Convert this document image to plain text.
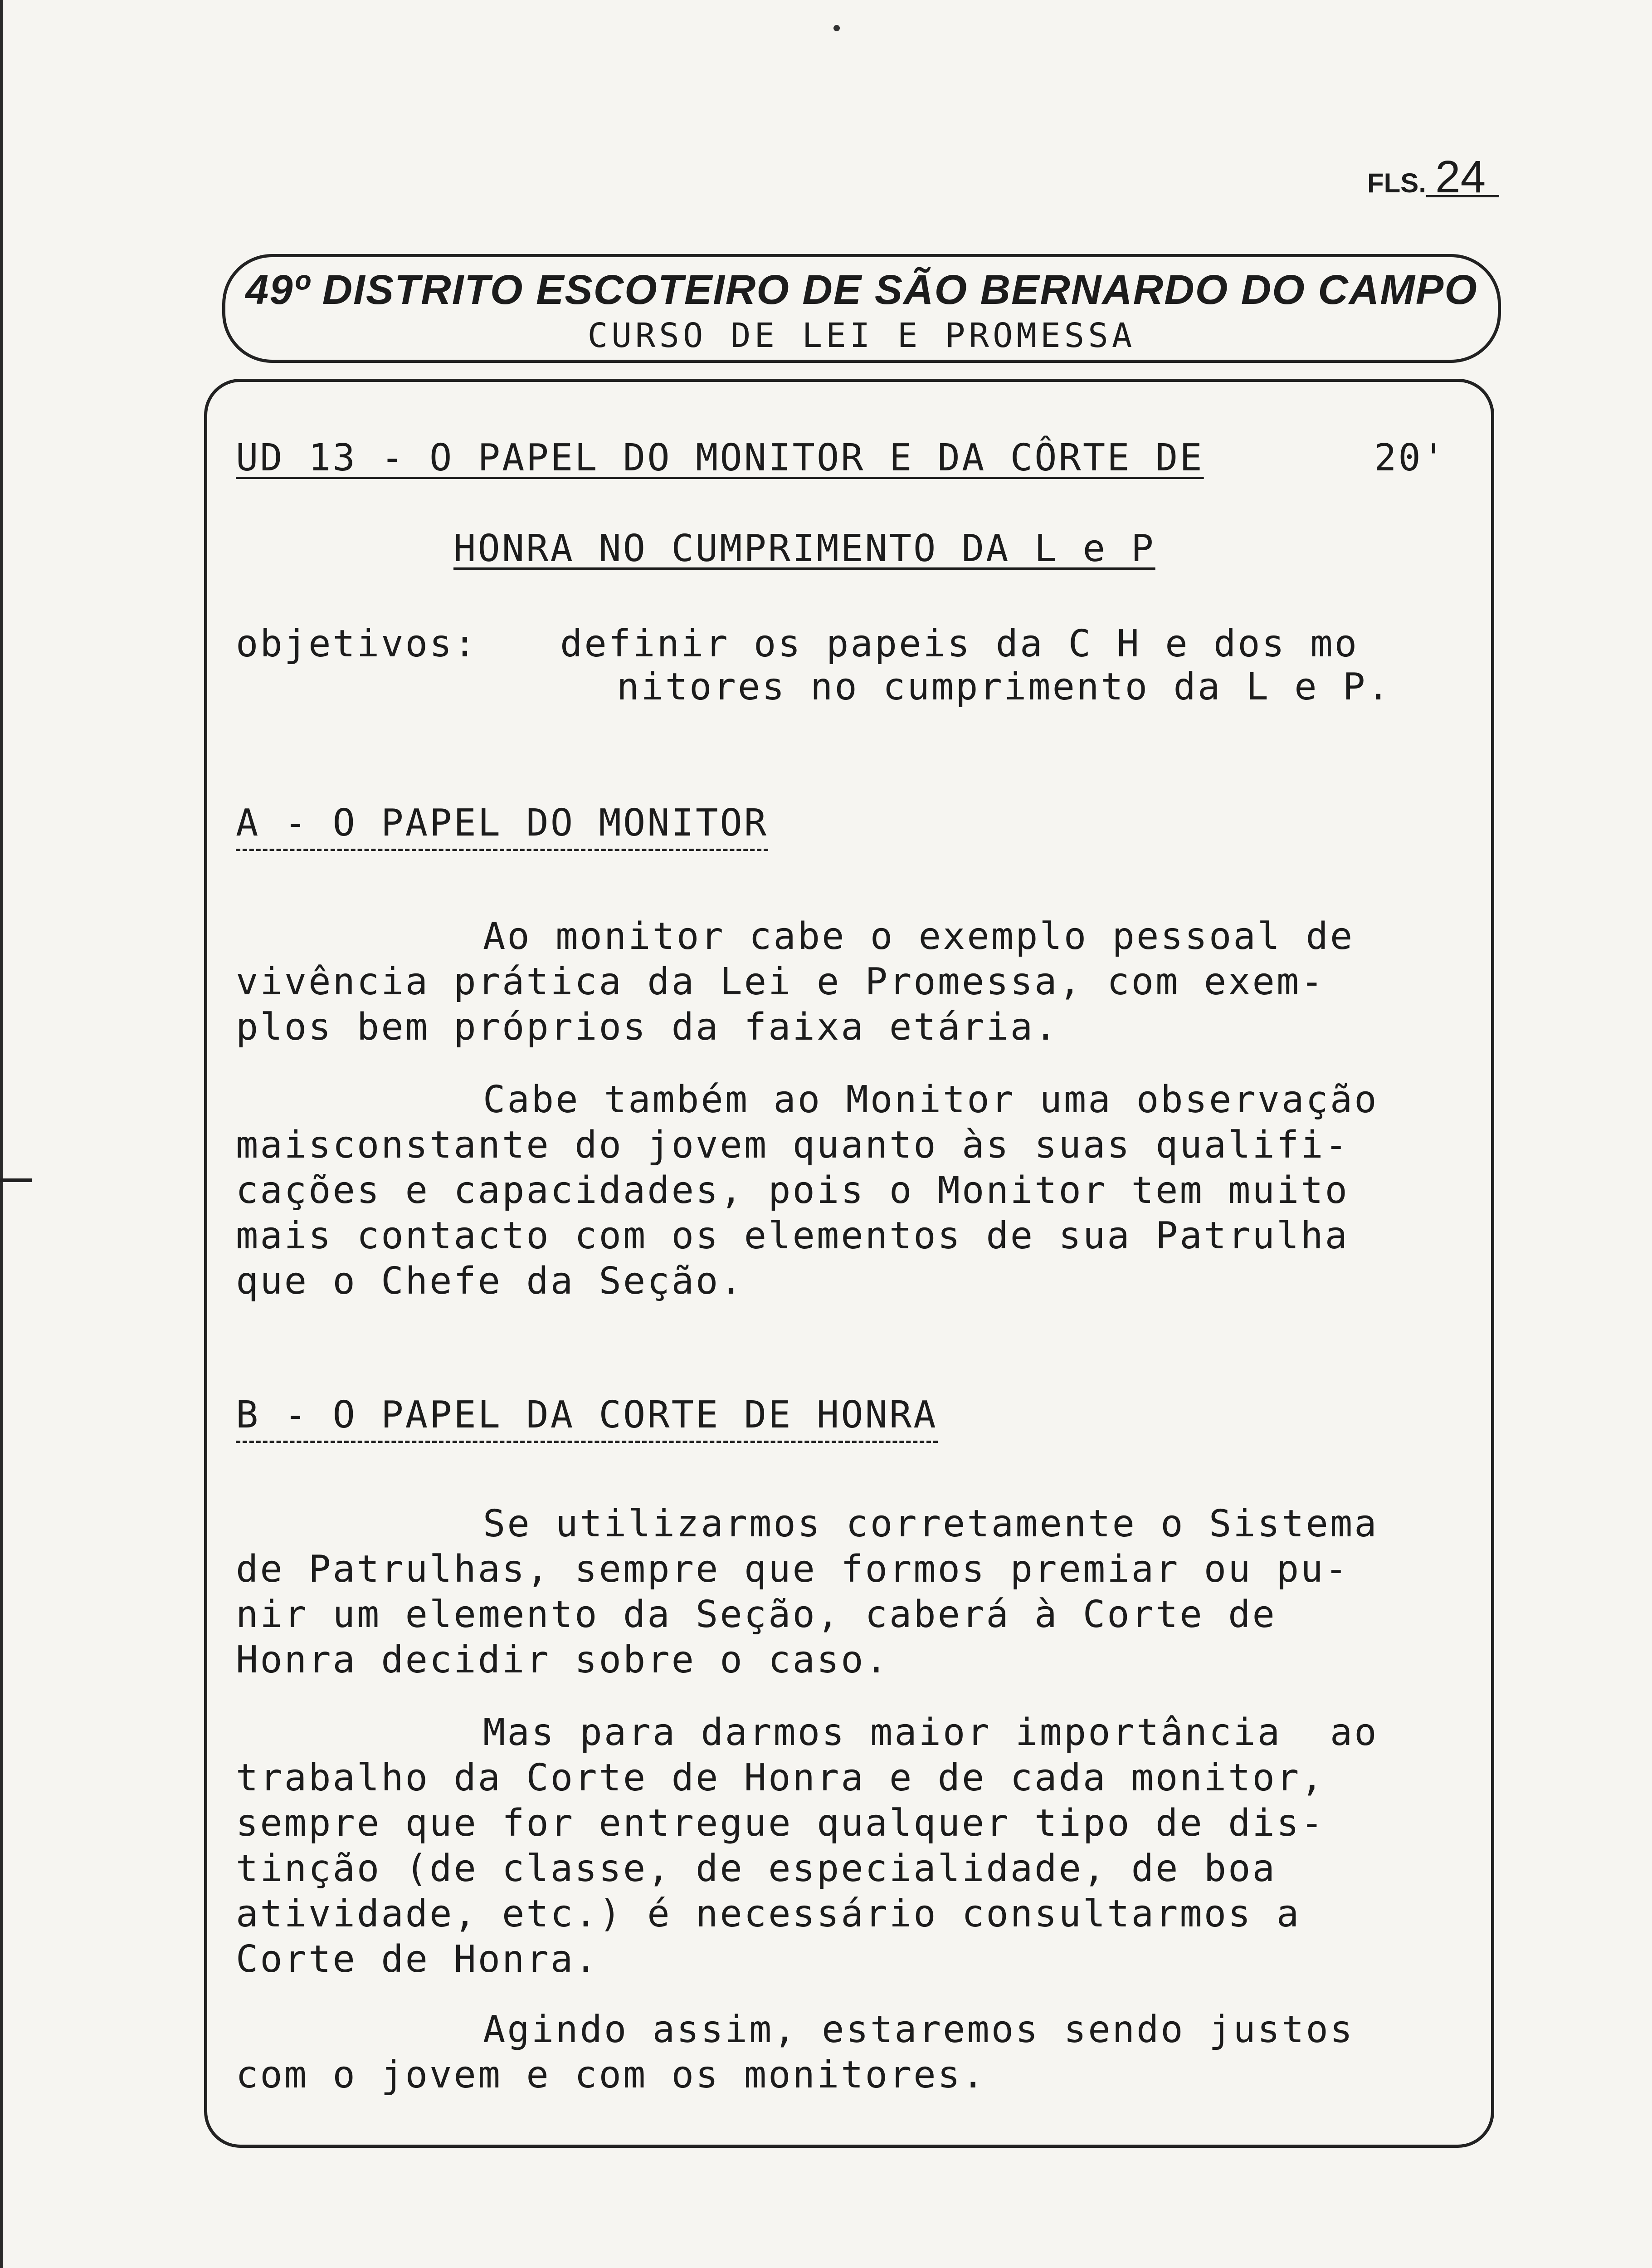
FLS. 24
49º DISTRITO ESCOTEIRO DE SÃO BERNARDO DO CAMPO
CURSO DE LEI E PROMESSA
UD 13 - O PAPEL DO MONITOR E DA CÔRTE DE	20'
HONRA NO CUMPRIMENTO DA L e P
objetivos: definir os papeis da C H e dos mo
nitores no cumprimento da L e P.
A - O PAPEL DO MONITOR
Ao monitor cabe o exemplo pessoal de
vivência prática da Lei e Promessa, com exem-
plos bem próprios da faixa etária.
Cabe também ao Monitor uma observação
maisconstante do jovem quanto às suas qualifi-
cações e capacidades, pois o Monitor tem muito
mais contacto com os elementos de sua Patrulha
que o Chefe da Seção.
B - O PAPEL DA CORTE DE HONRA
Se utilizarmos corretamente o Sistema
de Patrulhas, sempre que formos premiar ou pu-
nir um elemento da Seção, caberá à Corte de
Honra decidir sobre o caso.
Mas para darmos maior importância  ao
trabalho da Corte de Honra e de cada monitor,
sempre que for entregue qualquer tipo de dis-
tinção (de classe, de especialidade, de boa
atividade, etc.) é necessário consultarmos a
Corte de Honra.
Agindo assim, estaremos sendo justos
com o jovem e com os monitores.
